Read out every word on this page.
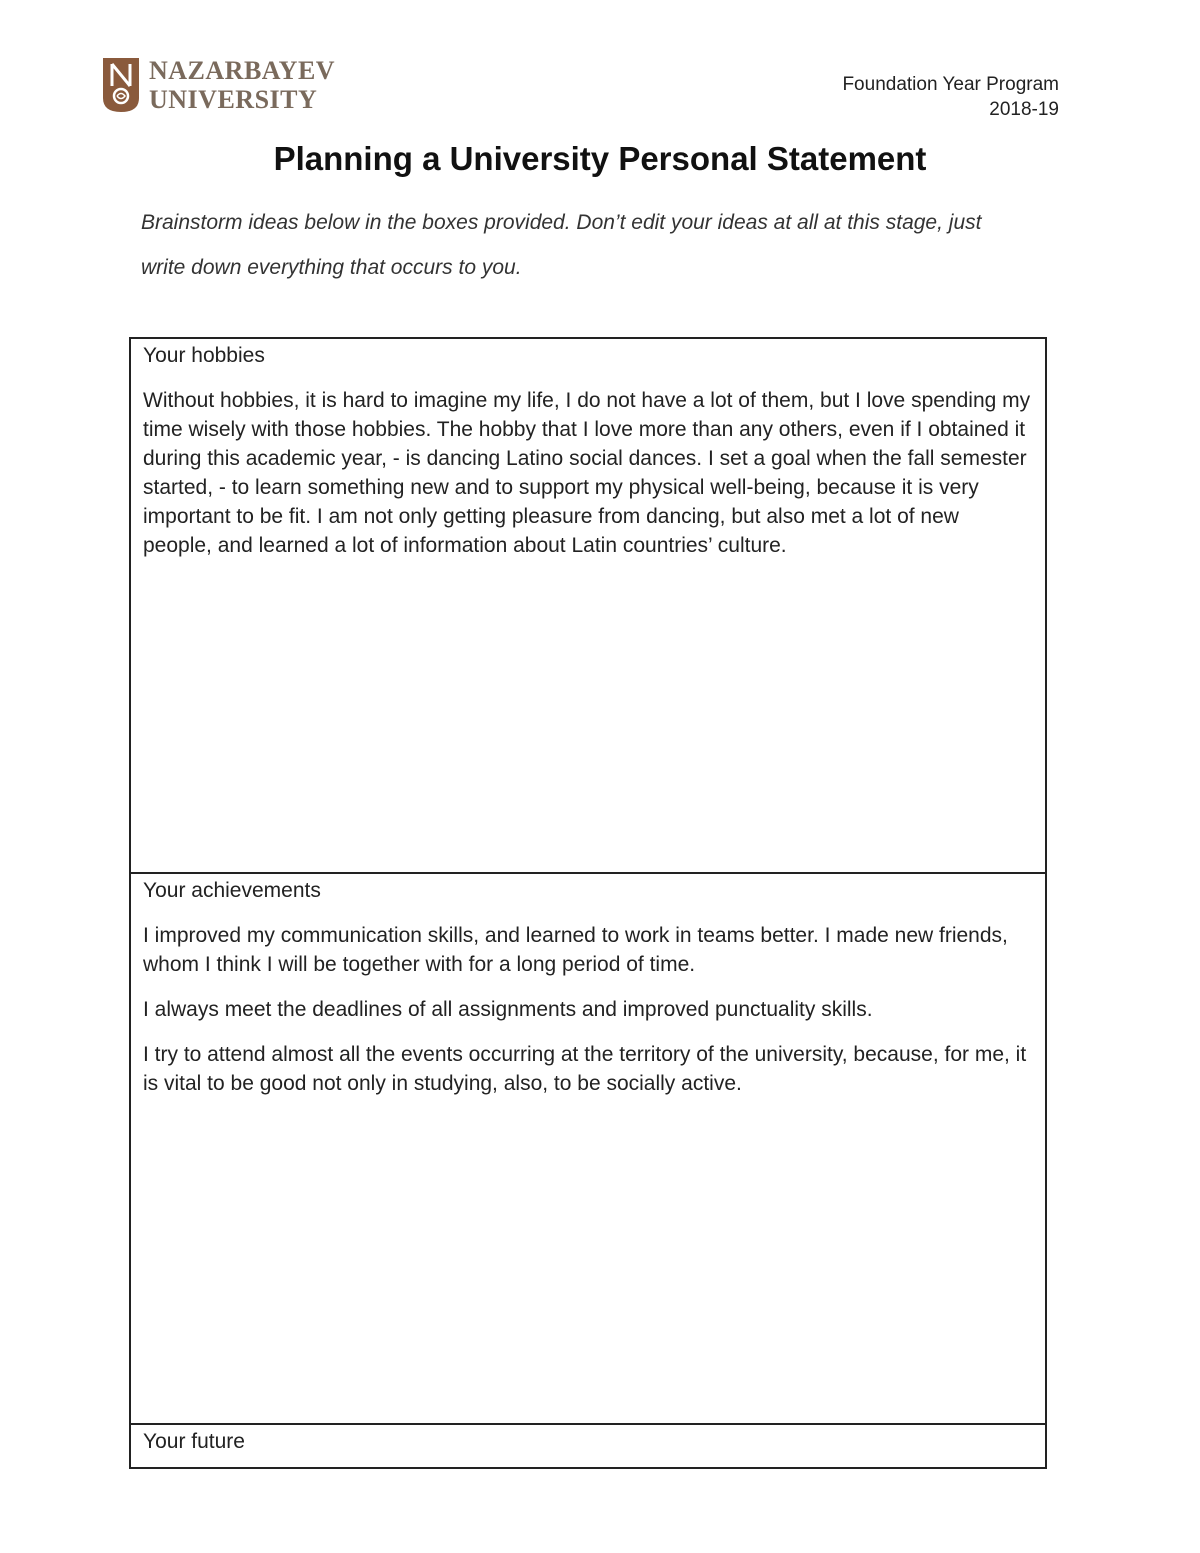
NAZARBAYEV
UNIVERSITY
Foundation Year Program
2018-19
Planning a University Personal Statement
Brainstorm ideas below in the boxes provided. Don’t edit your ideas at all at this stage, just write down everything that occurs to you.
Your hobbies

Without hobbies, it is hard to imagine my life, I do not have a lot of them, but I love spending my time wisely with those hobbies. The hobby that I love more than any others, even if I obtained it during this academic year, - is dancing Latino social dances. I set a goal when the fall semester started, - to learn something new and to support my physical well-being, because it is very important to be fit. I am not only getting pleasure from dancing, but also met a lot of new people, and learned a lot of information about Latin countries’ culture.

Your achievements

I improved my communication skills, and learned to work in teams better. I made new friends, whom I think I will be together with for a long period of time.

I always meet the deadlines of all assignments and improved punctuality skills.

I try to attend almost all the events occurring at the territory of the university, because, for me, it is vital to be good not only in studying, also, to be socially active.

Your future
